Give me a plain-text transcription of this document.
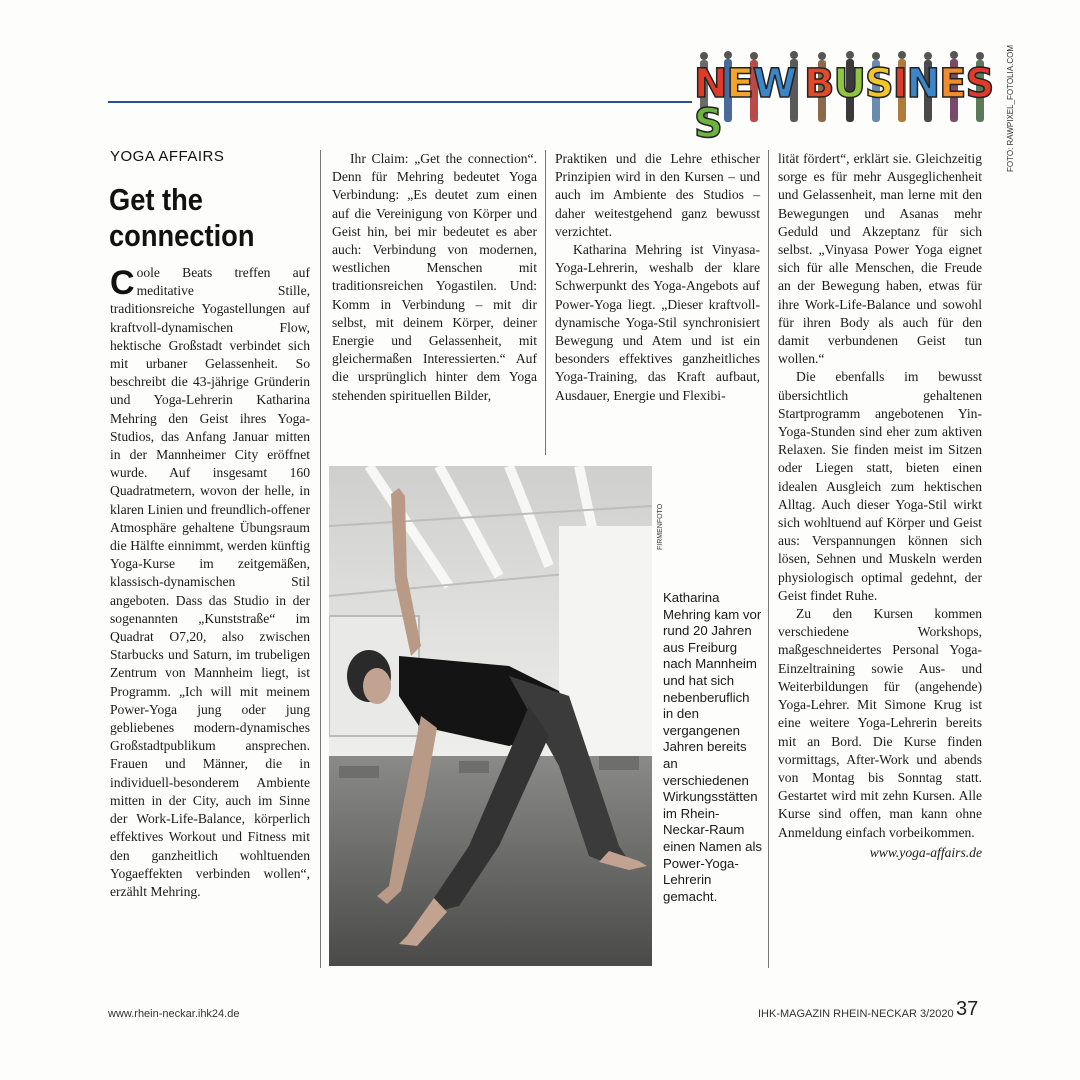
NEW BUSINESS	FOTO: RAWPIXEL_FOTOLIA.COM
YOGA AFFAIRS
Get the connection

Coole Beats treffen auf meditative Stille, traditionsreiche Yogastellungen auf kraftvoll-dynamischen Flow, hektische Großstadt verbindet sich mit urbaner Gelassenheit. So beschreibt die 43-jährige Gründerin und Yoga-Lehrerin Katharina Mehring den Geist ihres Yoga-Studios, das Anfang Januar mitten in der Mannheimer City eröffnet wurde. Auf insgesamt 160 Quadratmetern, wovon der helle, in klaren Linien und freundlich-offener Atmosphäre gehaltene Übungsraum die Hälfte einnimmt, werden künftig Yoga-Kurse im zeitgemäßen, klassisch-dynamischen Stil angeboten. Dass das Studio in der sogenannten „Kunststraße“ im Quadrat O7,20, also zwischen Starbucks und Saturn, im trubeligen Zentrum von Mannheim liegt, ist Programm. „Ich will mit meinem Power-Yoga jung oder jung gebliebenes modern-dynamisches Großstadtpublikum ansprechen. Frauen und Männer, die in individuell-besonderem Ambiente mitten in der City, auch im Sinne der Work-Life-Balance, körperlich effektives Workout und Fitness mit den ganzheitlich wohltuenden Yogaeffekten verbinden wollen“, erzählt Mehring.

Ihr Claim: „Get the connection“. Denn für Mehring bedeutet Yoga Verbindung: „Es deutet zum einen auf die Vereinigung von Körper und Geist hin, bei mir bedeutet es aber auch: Verbindung von modernen, westlichen Menschen mit traditionsreichen Yogastilen. Und: Komm in Verbindung – mit dir selbst, mit deinem Körper, deiner Energie und Gelassenheit, mit gleichermaßen Interessierten.“ Auf die ursprünglich hinter dem Yoga stehenden spirituellen Bilder,

Praktiken und die Lehre ethischer Prinzipien wird in den Kursen – und auch im Ambiente des Studios – daher weitestgehend ganz bewusst verzichtet.

Katharina Mehring ist Vinyasa-Yoga-Lehrerin, weshalb der klare Schwerpunkt des Yoga-Angebots auf Power-Yoga liegt. „Dieser kraftvoll-dynamische Yoga-Stil synchronisiert Bewegung und Atem und ist ein besonders effektives ganzheitliches Yoga-Training, das Kraft aufbaut, Ausdauer, Energie und Flexibi-

lität fördert“, erklärt sie. Gleichzeitig sorge es für mehr Ausgeglichenheit und Gelassenheit, man lerne mit den Bewegungen und Asanas mehr Geduld und Akzeptanz für sich selbst. „Vinyasa Power Yoga eignet sich für alle Menschen, die Freude an der Bewegung haben, etwas für ihre Work-Life-Balance und sowohl für ihren Body als auch für den damit verbundenen Geist tun wollen.“

Die ebenfalls im bewusst übersichtlich gehaltenen Startprogramm angebotenen Yin-Yoga-Stunden sind eher zum aktiven Relaxen. Sie finden meist im Sitzen oder Liegen statt, bieten einen idealen Ausgleich zum hektischen Alltag. Auch dieser Yoga-Stil wirkt sich wohltuend auf Körper und Geist aus: Verspannungen können sich lösen, Sehnen und Muskeln werden physiologisch optimal gedehnt, der Geist findet Ruhe.

Zu den Kursen kommen verschiedene Workshops, maßgeschneidertes Personal Yoga-Einzeltraining sowie Aus- und Weiterbildungen für (angehende) Yoga-Lehrer. Mit Simone Krug ist eine weitere Yoga-Lehrerin bereits mit an Bord. Die Kurse finden vormittags, After-Work und abends von Montag bis Sonntag statt. Gestartet wird mit zehn Kursen. Alle Kurse sind offen, man kann ohne Anmeldung einfach vorbeikommen.

www.yoga-affairs.de

FIRMENFOTO
Katharina Mehring kam vor rund 20 Jahren aus Freiburg nach Mannheim und hat sich nebenberuflich in den vergangenen Jahren bereits an verschiedenen Wirkungsstätten im Rhein-Neckar-Raum einen Namen als Power-Yoga-Lehrerin gemacht.
www.rhein-neckar.ihk24.de	IHK-MAGAZIN RHEIN-NECKAR 3/2020 37
